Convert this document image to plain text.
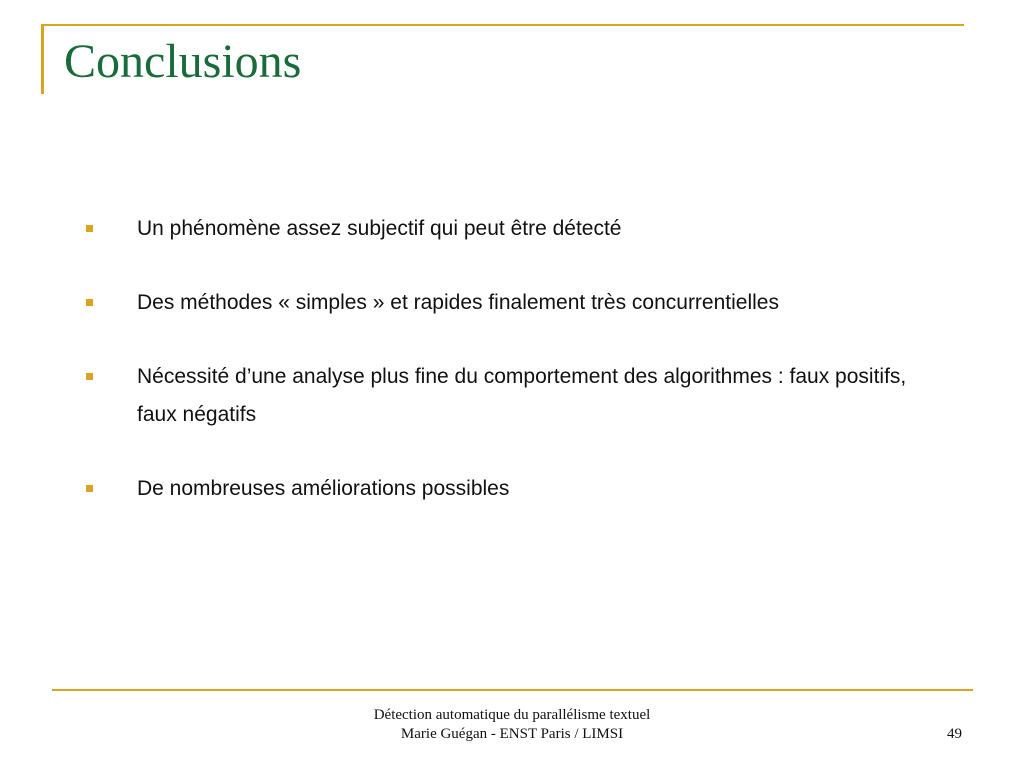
Conclusions
Un phénomène assez subjectif qui peut être détecté
Des méthodes « simples » et rapides finalement très concurrentielles
Nécessité d’une analyse plus fine du comportement des algorithmes : faux positifs, faux négatifs
De nombreuses améliorations possibles
Détection automatique du parallélisme textuel
Marie Guégan - ENST Paris / LIMSI	49
